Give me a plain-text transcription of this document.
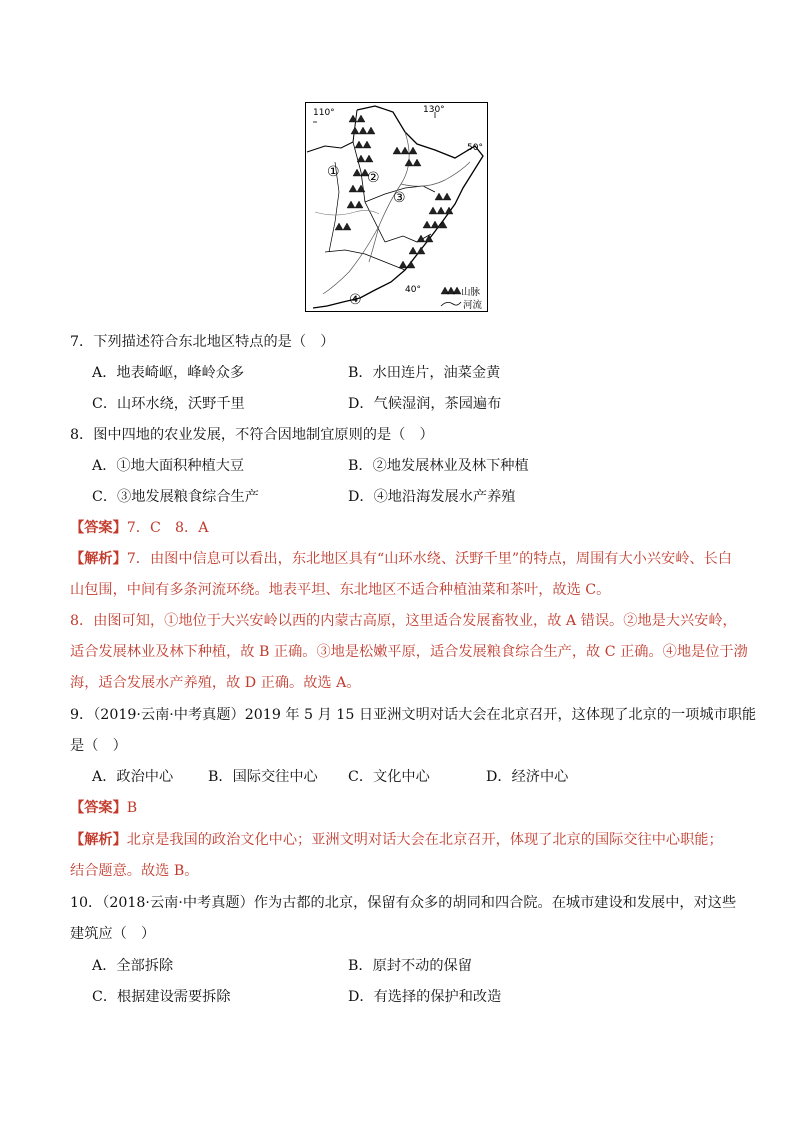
110°	130°
50°
40°
① ②
③
④	山脉
河流
7．下列描述符合东北地区特点的是（　）
A．地表崎岖，峰岭众多	B．水田连片，油菜金黄
C．山环水绕，沃野千里	D．气候湿润，茶园遍布
8．图中四地的农业发展，不符合因地制宜原则的是（　）
A．①地大面积种植大豆	B．②地发展林业及林下种植
C．③地发展粮食综合生产	D．④地沿海发展水产养殖
【答案】7．C　8．A
【解析】7．由图中信息可以看出，东北地区具有“山环水绕、沃野千里”的特点，周围有大小兴安岭、长白
山包围，中间有多条河流环绕。地表平坦、东北地区不适合种植油菜和茶叶，故选 C。
8．由图可知，①地位于大兴安岭以西的内蒙古高原，这里适合发展畜牧业，故 A 错误。②地是大兴安岭，
适合发展林业及林下种植，故 B 正确。③地是松嫩平原，适合发展粮食综合生产，故 C 正确。④地是位于渤
海，适合发展水产养殖，故 D 正确。故选 A。
9．（2019·云南·中考真题）2019 年 5 月 15 日亚洲文明对话大会在北京召开，这体现了北京的一项城市职能
是（　）
A．政治中心 B．国际交往中心 C．文化中心	D．经济中心
【答案】B
【解析】北京是我国的政治文化中心；亚洲文明对话大会在北京召开，体现了北京的国际交往中心职能；
结合题意。故选 B。
10．（2018·云南·中考真题）作为古都的北京，保留有众多的胡同和四合院。在城市建设和发展中，对这些
建筑应（　）
A．全部拆除	B．原封不动的保留
C．根据建设需要拆除	D．有选择的保护和改造
